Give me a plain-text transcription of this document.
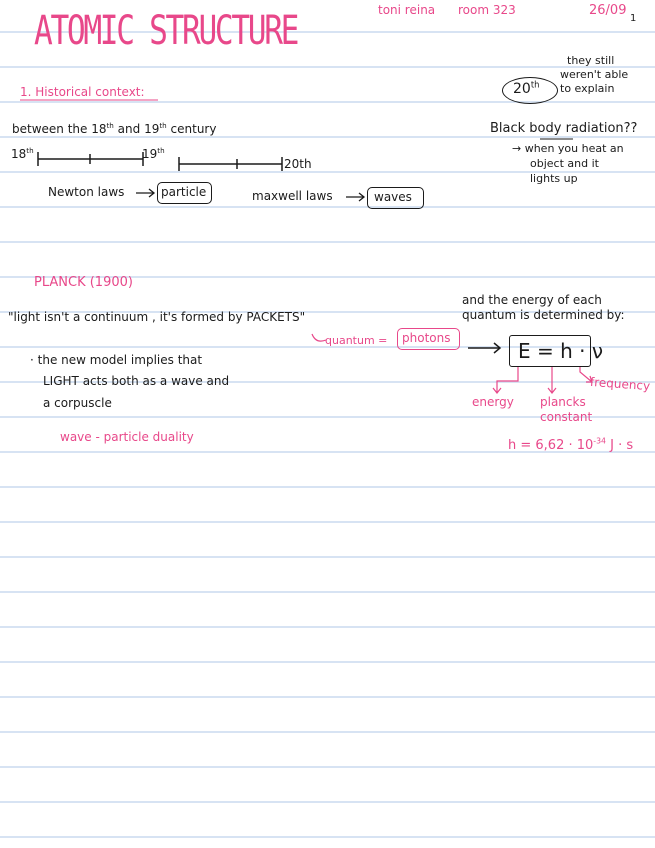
ATOMIC STRUCTURE	toni reina room 323	26/09
1
1. Historical context:	20th
they still
weren't able
to explain
between the 18th and 19th century	Black body radiation??
→ when you heat an
object and it
lights up
18th	19th
20th
Newton laws	particle	maxwell laws	waves
PLANCK (1900)
"light isn't a continuum , it's formed by PACKETS"
and the energy of each
quantum is determined by:
quantum = photons
E = h · ν
energy plancks
constant
frequency
$h = 6,62 \cdot 10^{-34}$ J · s
· the new model implies that
LIGHT acts both as a wave and
a corpuscle
wave - particle duality
